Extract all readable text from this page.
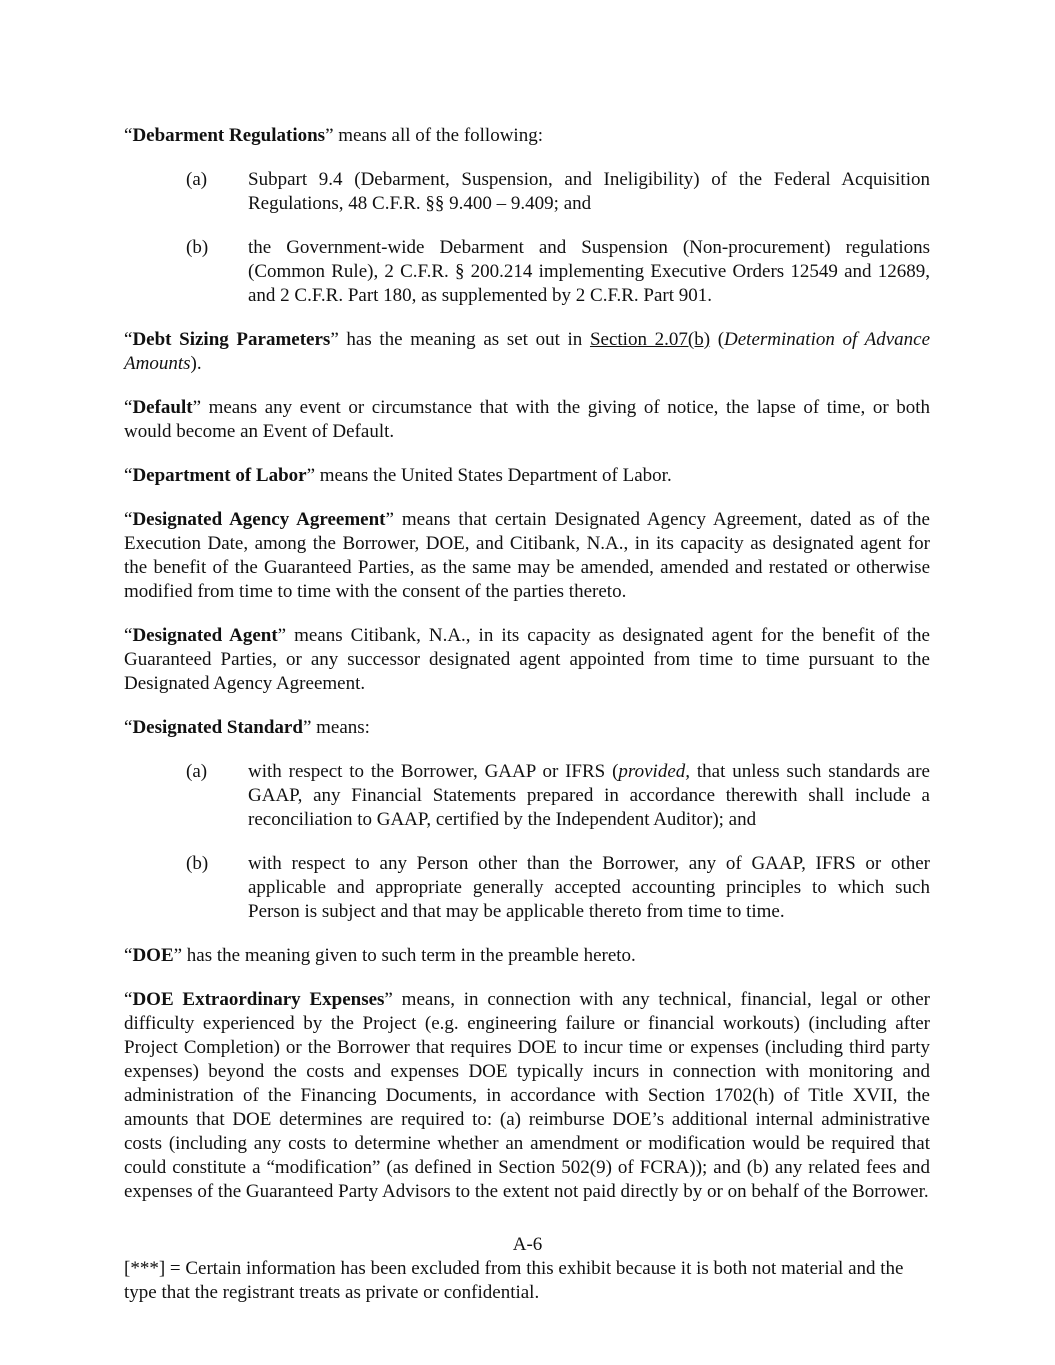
“Debarment Regulations” means all of the following:

(a) Subpart 9.4 (Debarment, Suspension, and Ineligibility) of the Federal Acquisition Regulations, 48 C.F.R. §§ 9.400 – 9.409; and
(b) the Government-wide Debarment and Suspension (Non-procurement) regulations (Common Rule), 2 C.F.R. § 200.214 implementing Executive Orders 12549 and 12689, and 2 C.F.R. Part 180, as supplemented by 2 C.F.R. Part 901.

“Debt Sizing Parameters” has the meaning as set out in Section 2.07(b) (Determination of Advance Amounts).

“Default” means any event or circumstance that with the giving of notice, the lapse of time, or both would become an Event of Default.

“Department of Labor” means the United States Department of Labor.

“Designated Agency Agreement” means that certain Designated Agency Agreement, dated as of the Execution Date, among the Borrower, DOE, and Citibank, N.A., in its capacity as designated agent for the benefit of the Guaranteed Parties, as the same may be amended, amended and restated or otherwise modified from time to time with the consent of the parties thereto.

“Designated Agent” means Citibank, N.A., in its capacity as designated agent for the benefit of the Guaranteed Parties, or any successor designated agent appointed from time to time pursuant to the Designated Agency Agreement.

“Designated Standard” means:

(a) with respect to the Borrower, GAAP or IFRS (provided, that unless such standards are GAAP, any Financial Statements prepared in accordance therewith shall include a reconciliation to GAAP, certified by the Independent Auditor); and
(b) with respect to any Person other than the Borrower, any of GAAP, IFRS or other applicable and appropriate generally accepted accounting principles to which such Person is subject and that may be applicable thereto from time to time.

“DOE” has the meaning given to such term in the preamble hereto.

“DOE Extraordinary Expenses” means, in connection with any technical, financial, legal or other difficulty experienced by the Project (e.g. engineering failure or financial workouts) (including after Project Completion) or the Borrower that requires DOE to incur time or expenses (including third party expenses) beyond the costs and expenses DOE typically incurs in connection with monitoring and administration of the Financing Documents, in accordance with Section 1702(h) of Title XVII, the amounts that DOE determines are required to: (a) reimburse DOE’s additional internal administrative costs (including any costs to determine whether an amendment or modification would be required that could constitute a “modification” (as defined in Section 502(9) of FCRA)); and (b) any related fees and expenses of the Guaranteed Party Advisors to the extent not paid directly by or on behalf of the Borrower.

A-6
[***] = Certain information has been excluded from this exhibit because it is both not material and the type that the registrant treats as private or confidential.
